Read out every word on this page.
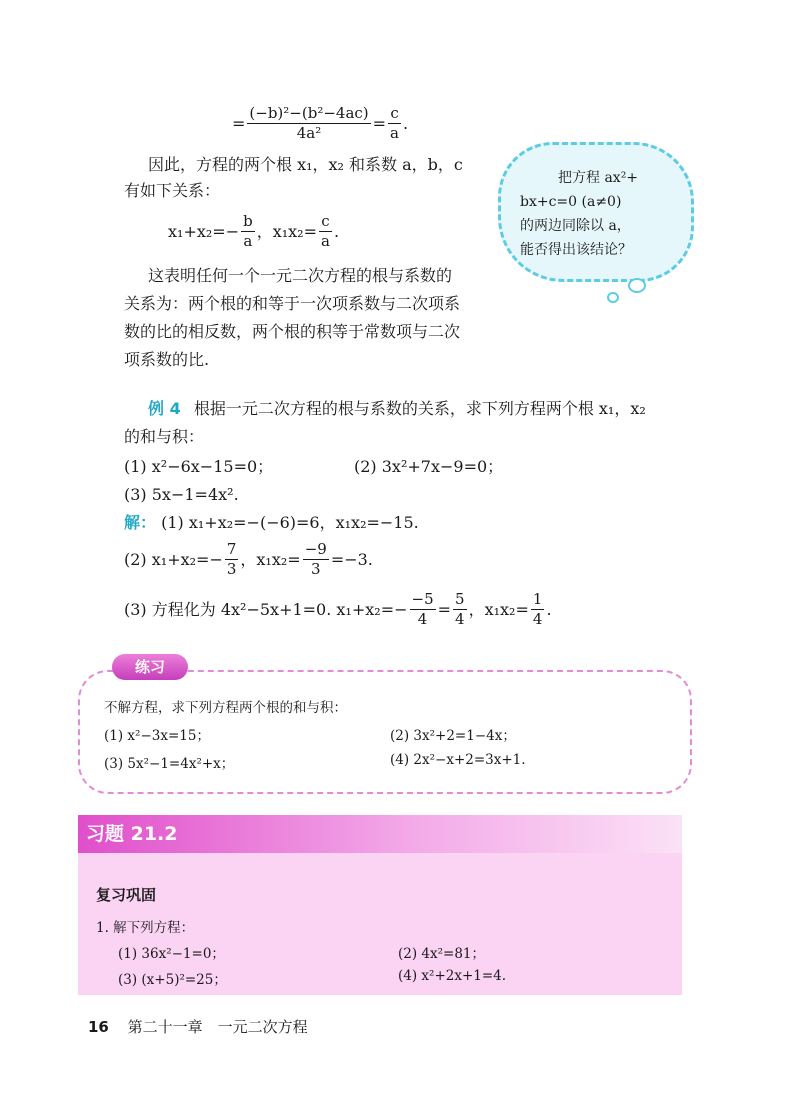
= $\frac{\text{(−b)²−(b²−4ac)}}{\text{4a²}} = \frac{c}{a}$ .
因此，方程的两个根 x₁，x₂ 和系数 a，b，c
有如下关系：
$x_1+x_2=- \frac{b}{a}$ ，$x_1x_2= \frac{c}{a}$ .
这表明任何一个一元二次方程的根与系数的
关系为：两个根的和等于一次项系数与二次项系
数的比的相反数，两个根的积等于常数项与二次
项系数的比.
把方程 ax²+
bx+c=0 (a≠0)
的两边同除以 a，
能否得出该结论？
例 4 根据一元二次方程的根与系数的关系，求下列方程两个根 x₁，x₂
的和与积：
(1) x²−6x−15=0；	(2) 3x²+7x−9=0；
(3) 5x−1=4x².
解： (1) x₁+x₂=−(−6)=6，x₁x₂=−15.
(2) $x_1+x_2=- \frac{7}{3}$ ，$x_1x_2= \frac{-9}{3} =-3$.
(3) 方程化为 4x²−5x+1=0. $x_1+x_2=- \frac{-5}{4} = \frac{5}{4}$ ，$x_1x_2= \frac{1}{4}$ .
练习
不解方程，求下列方程两个根的和与积：
(1) x²−3x=15；	(2) 3x²+2=1−4x；
(3) 5x²−1=4x²+x；	(4) 2x²−x+2=3x+1.
习题 21.2
复习巩固
1. 解下列方程：
(1) 36x²−1=0；	(2) 4x²=81；
(3) (x+5)²=25；	(4) x²+2x+1=4.
16 第二十一章　一元二次方程
